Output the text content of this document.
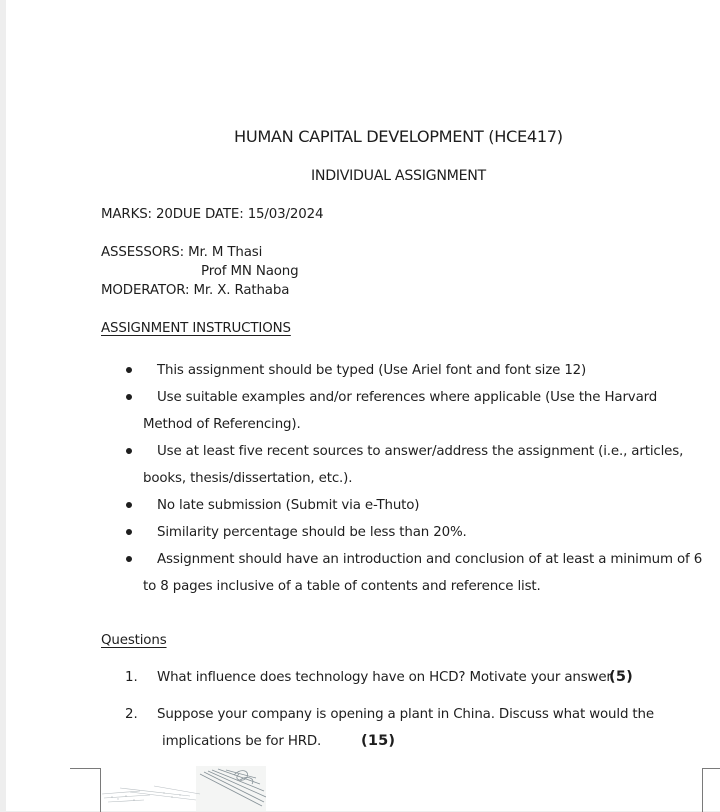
HUMAN CAPITAL DEVELOPMENT (HCE417)
INDIVIDUAL ASSIGNMENT
MARKS: 20DUE DATE: 15/03/2024
ASSESSORS: Mr. M Thasi
Prof MN Naong
MODERATOR: Mr. X. Rathaba
ASSIGNMENT INSTRUCTIONS
This assignment should be typed (Use Ariel font and font size 12)
Use suitable examples and/or references where applicable (Use the Harvard
Method of Referencing).
Use at least five recent sources to answer/address the assignment (i.e., articles,
books, thesis/dissertation, etc.).
No late submission (Submit via e-Thuto)
Similarity percentage should be less than 20%.
Assignment should have an introduction and conclusion of at least a minimum of 6
to 8 pages inclusive of a table of contents and reference list.
Questions
1. What influence does technology have on HCD? Motivate your answer.
(5)
2. Suppose your company is opening a plant in China. Discuss what would the
implications be for HRD.	(15)
